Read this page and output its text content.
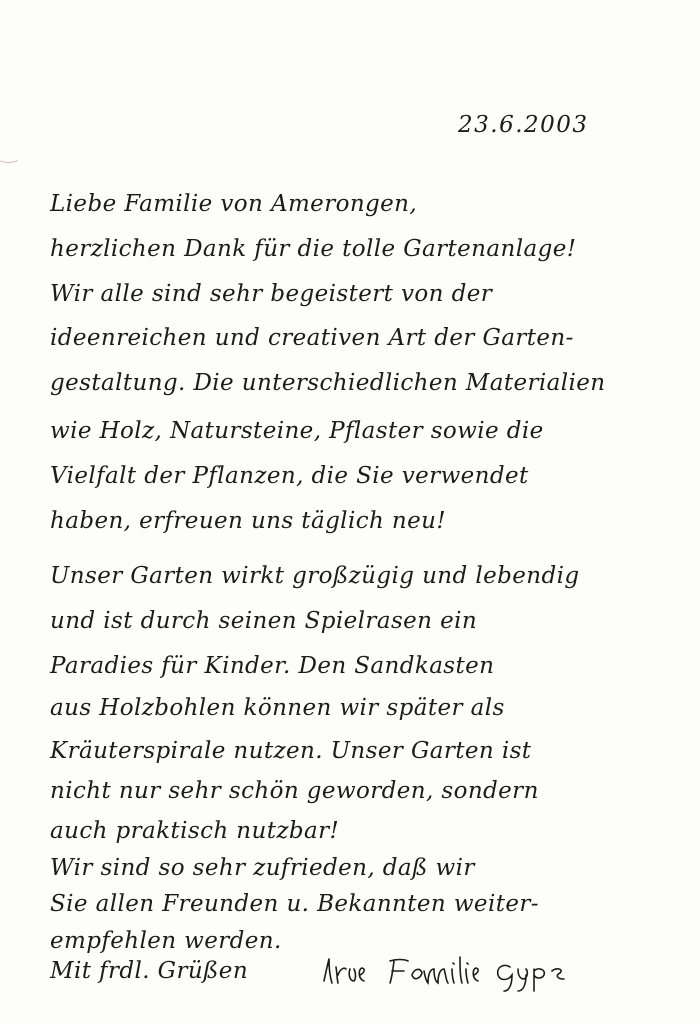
23.6.2003
Liebe Familie von Amerongen,
herzlichen Dank für die tolle Gartenanlage!
Wir alle sind sehr begeistert von der
ideenreichen und creativen Art der Garten-
gestaltung. Die unterschiedlichen Materialien
wie Holz, Natursteine, Pflaster sowie die
Vielfalt der Pflanzen, die Sie verwendet
haben, erfreuen uns täglich neu!
Unser Garten wirkt großzügig und lebendig
und ist durch seinen Spielrasen ein
Paradies für Kinder. Den Sandkasten
aus Holzbohlen können wir später als
Kräuterspirale nutzen. Unser Garten ist
nicht nur sehr schön geworden, sondern
auch praktisch nutzbar!
Wir sind so sehr zufrieden, daß wir
Sie allen Freunden u. Bekannten weiter-
empfehlen werden.
Mit frdl. Grüßen
